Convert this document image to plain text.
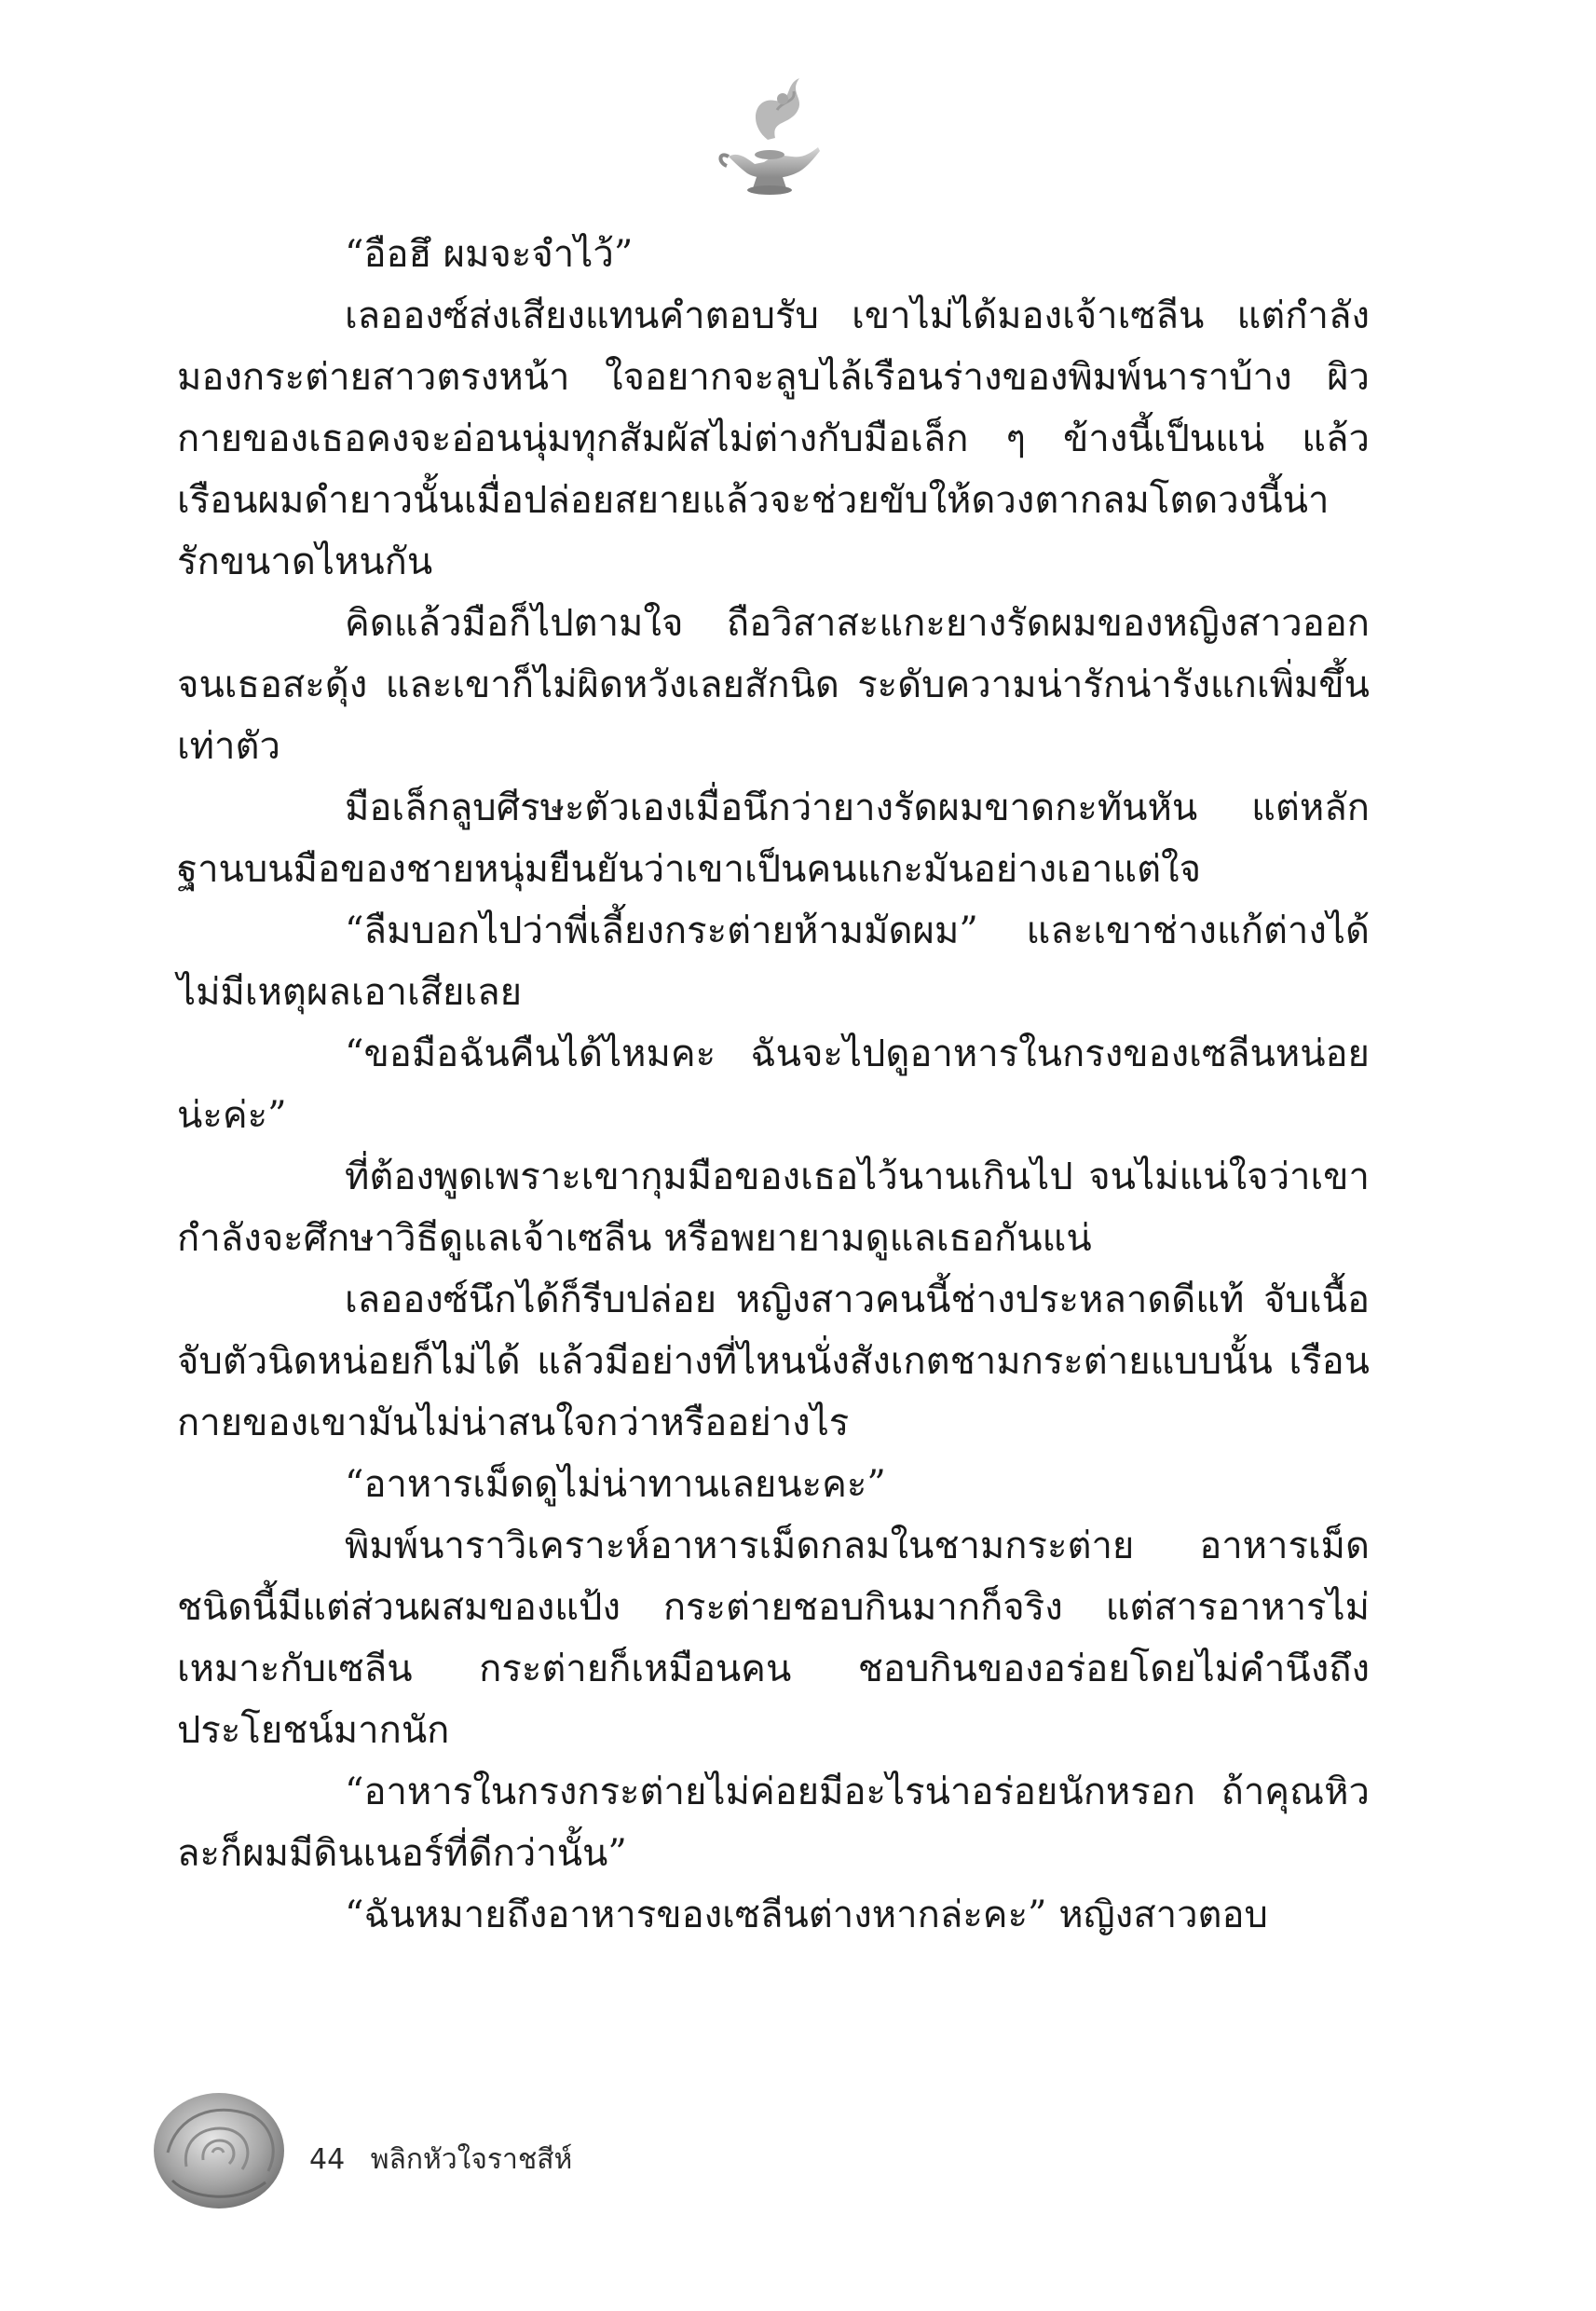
“อือฮึ ผมจะจำไว้”

เลอองซ์ส่งเสียงแทนคำตอบรับ เขาไม่ได้มองเจ้าเซลีน แต่กำลังมองกระต่ายสาวตรงหน้า ใจอยากจะลูบไล้เรือนร่างของพิมพ์นาราบ้าง ผิวกายของเธอคงจะอ่อนนุ่มทุกสัมผัสไม่ต่างกับมือเล็ก ๆ ข้างนี้เป็นแน่ แล้วเรือนผมดำยาวนั้นเมื่อปล่อยสยายแล้วจะช่วยขับให้ดวงตากลมโตดวงนี้น่ารักขนาดไหนกัน

คิดแล้วมือก็ไปตามใจ ถือวิสาสะแกะยางรัดผมของหญิงสาวออกจนเธอสะดุ้ง และเขาก็ไม่ผิดหวังเลยสักนิด ระดับความน่ารักน่ารังแกเพิ่มขึ้นเท่าตัว

มือเล็กลูบศีรษะตัวเองเมื่อนึกว่ายางรัดผมขาดกะทันหัน แต่หลักฐานบนมือของชายหนุ่มยืนยันว่าเขาเป็นคนแกะมันอย่างเอาแต่ใจ

“ลืมบอกไปว่าพี่เลี้ยงกระต่ายห้ามมัดผม” และเขาช่างแก้ต่างได้ไม่มีเหตุผลเอาเสียเลย

“ขอมือฉันคืนได้ไหมคะ ฉันจะไปดูอาหารในกรงของเซลีนหน่อยน่ะค่ะ”

ที่ต้องพูดเพราะเขากุมมือของเธอไว้นานเกินไป จนไม่แน่ใจว่าเขากำลังจะศึกษาวิธีดูแลเจ้าเซลีน หรือพยายามดูแลเธอกันแน่

เลอองซ์นึกได้ก็รีบปล่อย หญิงสาวคนนี้ช่างประหลาดดีแท้ จับเนื้อจับตัวนิดหน่อยก็ไม่ได้ แล้วมีอย่างที่ไหนนั่งสังเกตชามกระต่ายแบบนั้น เรือนกายของเขามันไม่น่าสนใจกว่าหรืออย่างไร

“อาหารเม็ดดูไม่น่าทานเลยนะคะ”

พิมพ์นาราวิเคราะห์อาหารเม็ดกลมในชามกระต่าย อาหารเม็ดชนิดนี้มีแต่ส่วนผสมของแป้ง กระต่ายชอบกินมากก็จริง แต่สารอาหารไม่เหมาะกับเซลีน กระต่ายก็เหมือนคน ชอบกินของอร่อยโดยไม่คำนึงถึงประโยชน์มากนัก

“อาหารในกรงกระต่ายไม่ค่อยมีอะไรน่าอร่อยนักหรอก ถ้าคุณหิวละก็ผมมีดินเนอร์ที่ดีกว่านั้น”

“ฉันหมายถึงอาหารของเซลีนต่างหากล่ะคะ” หญิงสาวตอบ

44 พลิกหัวใจราชสีห์
